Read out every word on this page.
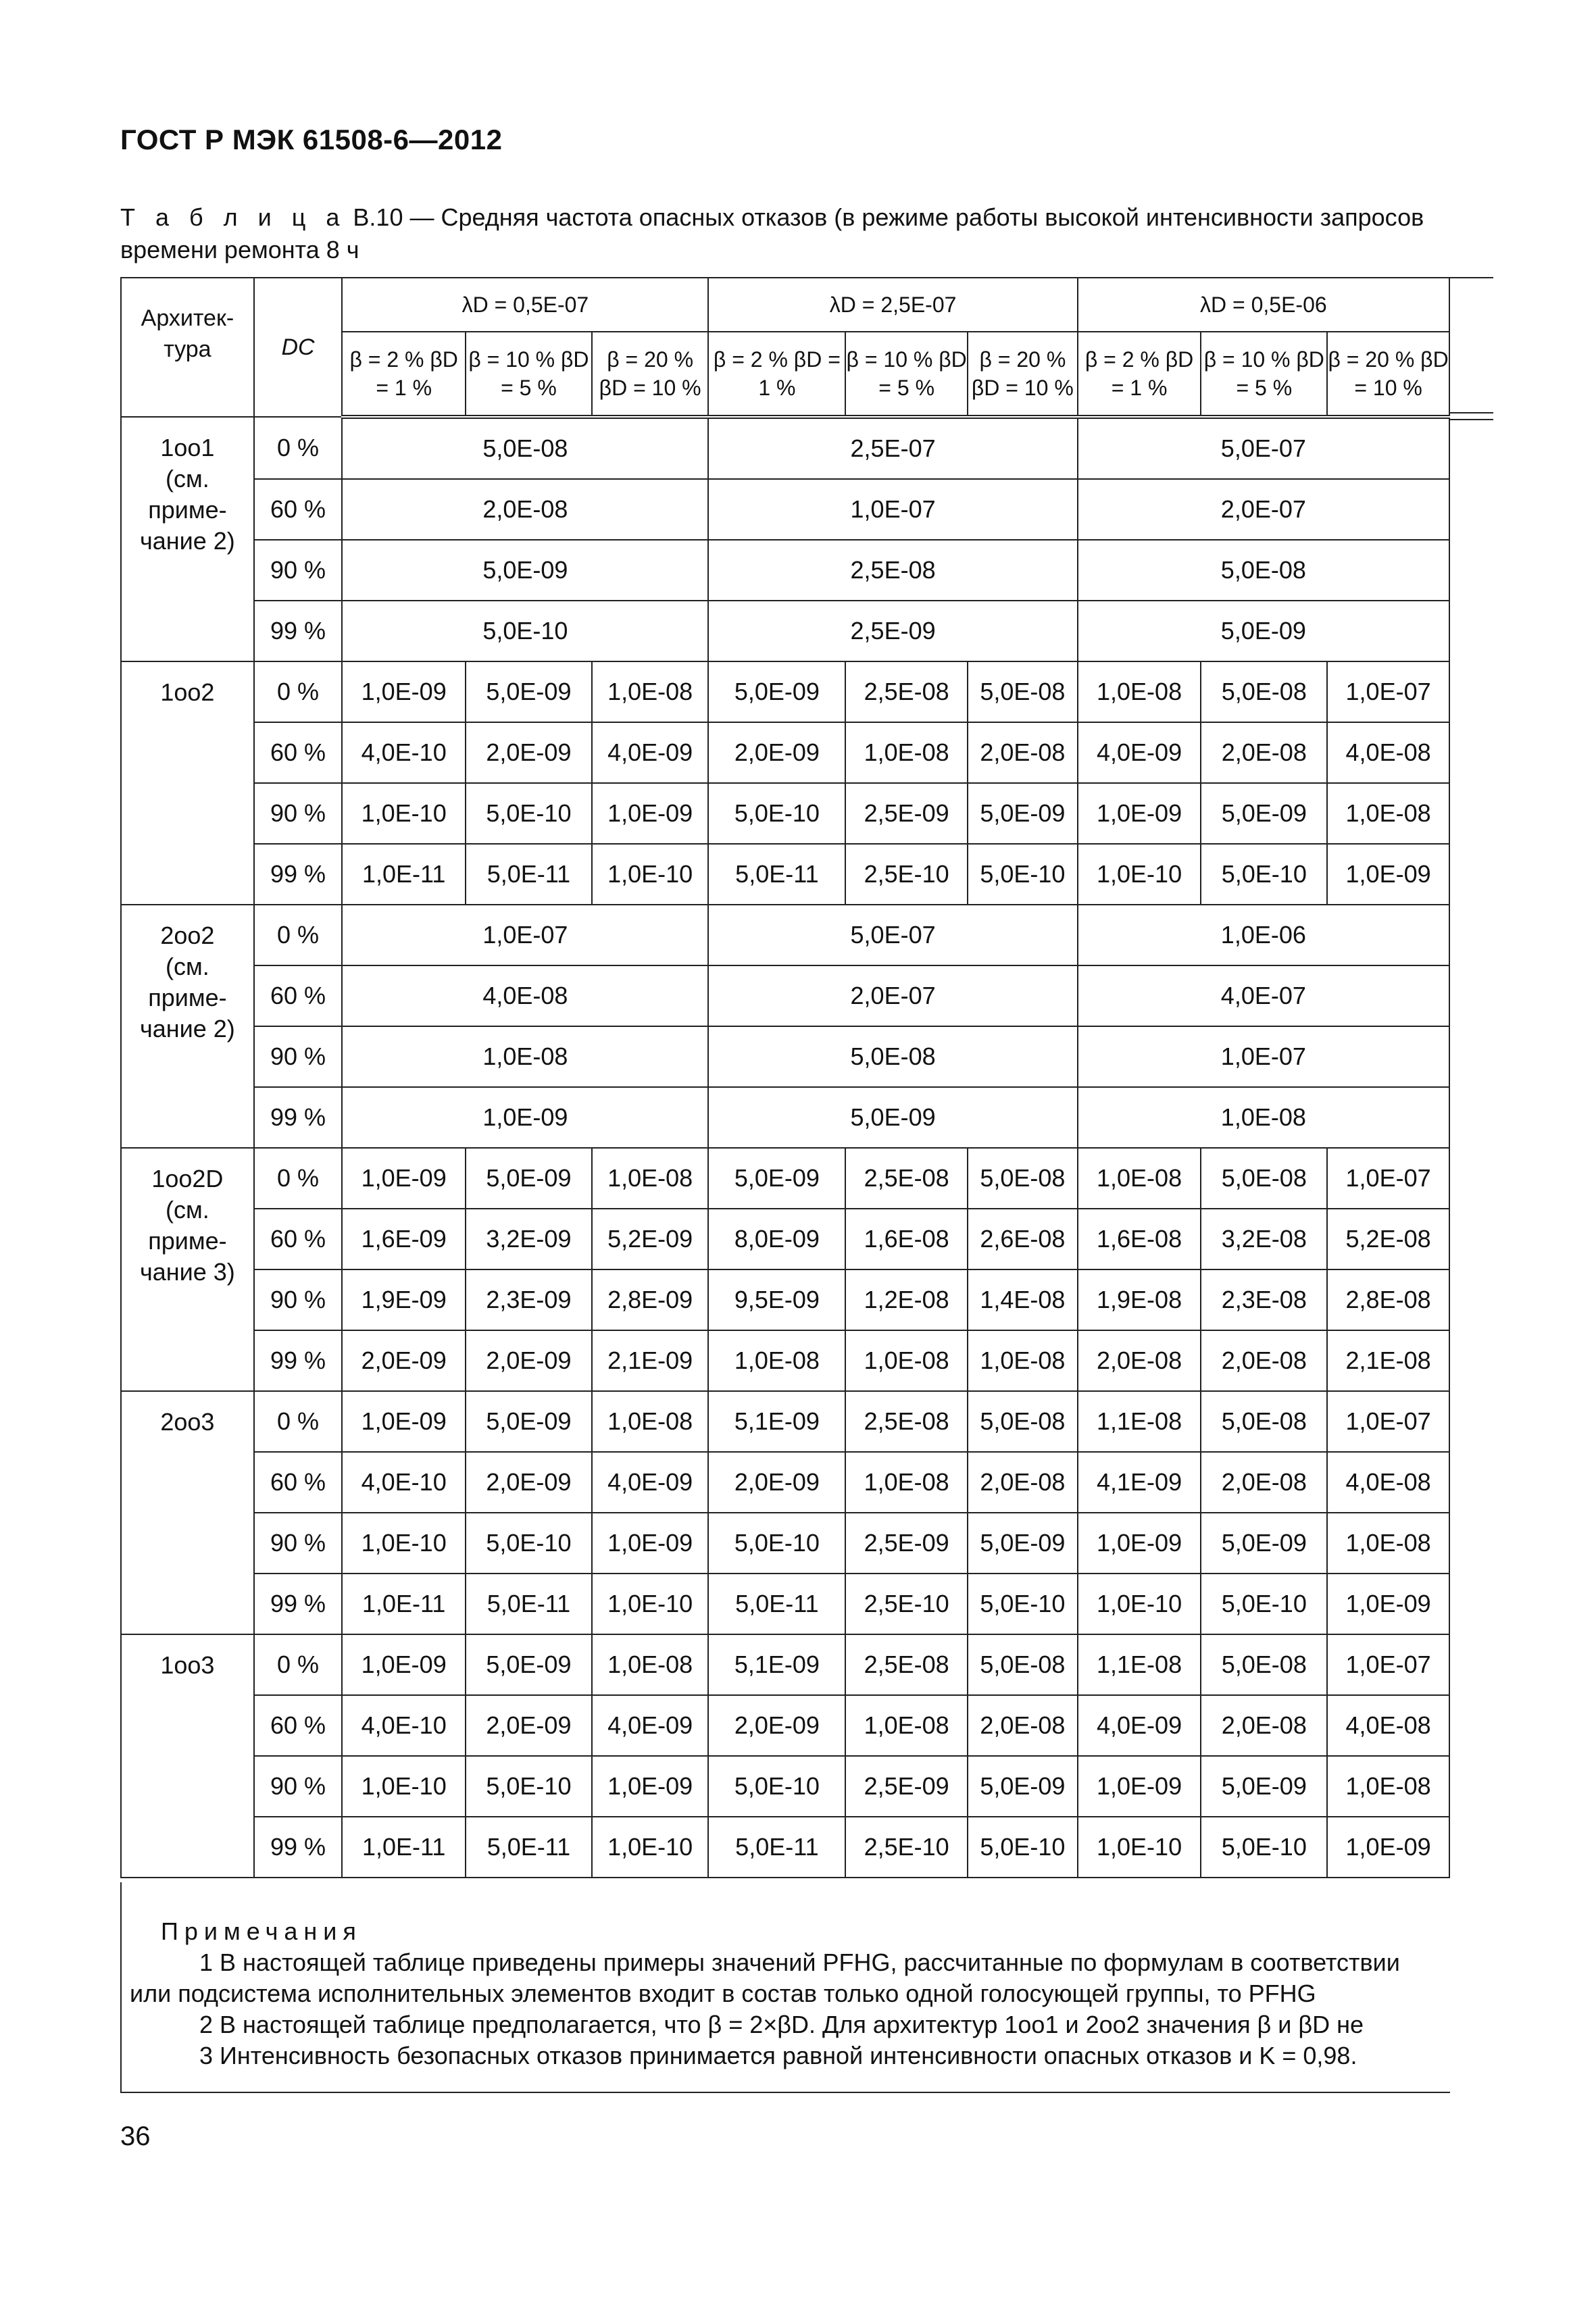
ГОСТ Р МЭК 61508-6—2012
Т а б л и ц а B.10 — Средняя частота опасных отказов (в режиме работы высокой интенсивности запросов
времени ремонта 8 ч
Архитек-тура	DC	λD = 0,5E-07			λD = 2,5E-07			λD = 0,5E-06		
		β = 2 % βD = 1 %	β = 10 % βD = 5 %	β = 20 % βD = 10 %	β = 2 % βD = 1 %	β = 10 % βD = 5 %	β = 20 % βD = 10 %	β = 2 % βD = 1 %	β = 10 % βD = 5 %	β = 20 % βD = 10 %

1oo1
(см.
приме-
чание 2)	0 %	5,0E-08			2,5E-07			5,0E-07		
	60 %	2,0E-08			1,0E-07			2,0E-07		
	90 %	5,0E-09			2,5E-08			5,0E-08		
	99 %	5,0E-10			2,5E-09			5,0E-09		

1oo2	0 %	1,0E-09	5,0E-09	1,0E-08	5,0E-09	2,5E-08	5,0E-08	1,0E-08	5,0E-08	1,0E-07
	60 %	4,0E-10	2,0E-09	4,0E-09	2,0E-09	1,0E-08	2,0E-08	4,0E-09	2,0E-08	4,0E-08
	90 %	1,0E-10	5,0E-10	1,0E-09	5,0E-10	2,5E-09	5,0E-09	1,0E-09	5,0E-09	1,0E-08
	99 %	1,0E-11	5,0E-11	1,0E-10	5,0E-11	2,5E-10	5,0E-10	1,0E-10	5,0E-10	1,0E-09

2oo2
(см.
приме-
чание 2)	0 %	1,0E-07			5,0E-07			1,0E-06		
	60 %	4,0E-08			2,0E-07			4,0E-07		
	90 %	1,0E-08			5,0E-08			1,0E-07		
	99 %	1,0E-09			5,0E-09			1,0E-08		

1oo2D
(см.
приме-
чание 3)	0 %	1,0E-09	5,0E-09	1,0E-08	5,0E-09	2,5E-08	5,0E-08	1,0E-08	5,0E-08	1,0E-07
	60 %	1,6E-09	3,2E-09	5,2E-09	8,0E-09	1,6E-08	2,6E-08	1,6E-08	3,2E-08	5,2E-08
	90 %	1,9E-09	2,3E-09	2,8E-09	9,5E-09	1,2E-08	1,4E-08	1,9E-08	2,3E-08	2,8E-08
	99 %	2,0E-09	2,0E-09	2,1E-09	1,0E-08	1,0E-08	1,0E-08	2,0E-08	2,0E-08	2,1E-08

2oo3	0 %	1,0E-09	5,0E-09	1,0E-08	5,1E-09	2,5E-08	5,0E-08	1,1E-08	5,0E-08	1,0E-07
	60 %	4,0E-10	2,0E-09	4,0E-09	2,0E-09	1,0E-08	2,0E-08	4,1E-09	2,0E-08	4,0E-08
	90 %	1,0E-10	5,0E-10	1,0E-09	5,0E-10	2,5E-09	5,0E-09	1,0E-09	5,0E-09	1,0E-08
	99 %	1,0E-11	5,0E-11	1,0E-10	5,0E-11	2,5E-10	5,0E-10	1,0E-10	5,0E-10	1,0E-09

1oo3	0 %	1,0E-09	5,0E-09	1,0E-08	5,1E-09	2,5E-08	5,0E-08	1,1E-08	5,0E-08	1,0E-07
	60 %	4,0E-10	2,0E-09	4,0E-09	2,0E-09	1,0E-08	2,0E-08	4,0E-09	2,0E-08	4,0E-08
	90 %	1,0E-10	5,0E-10	1,0E-09	5,0E-10	2,5E-09	5,0E-09	1,0E-09	5,0E-09	1,0E-08
	99 %	1,0E-11	5,0E-11	1,0E-10	5,0E-11	2,5E-10	5,0E-10	1,0E-10	5,0E-10	1,0E-09
Примечания
1 В настоящей таблице приведены примеры значений PFHG, рассчитанные по формулам в соответствии
или подсистема исполнительных элементов входит в состав только одной голосующей группы, то PFHG
2 В настоящей таблице предполагается, что β = 2×βD. Для архитектур 1oo1 и 2oo2 значения β и βD не
3 Интенсивность безопасных отказов принимается равной интенсивности опасных отказов и K = 0,98.
36
